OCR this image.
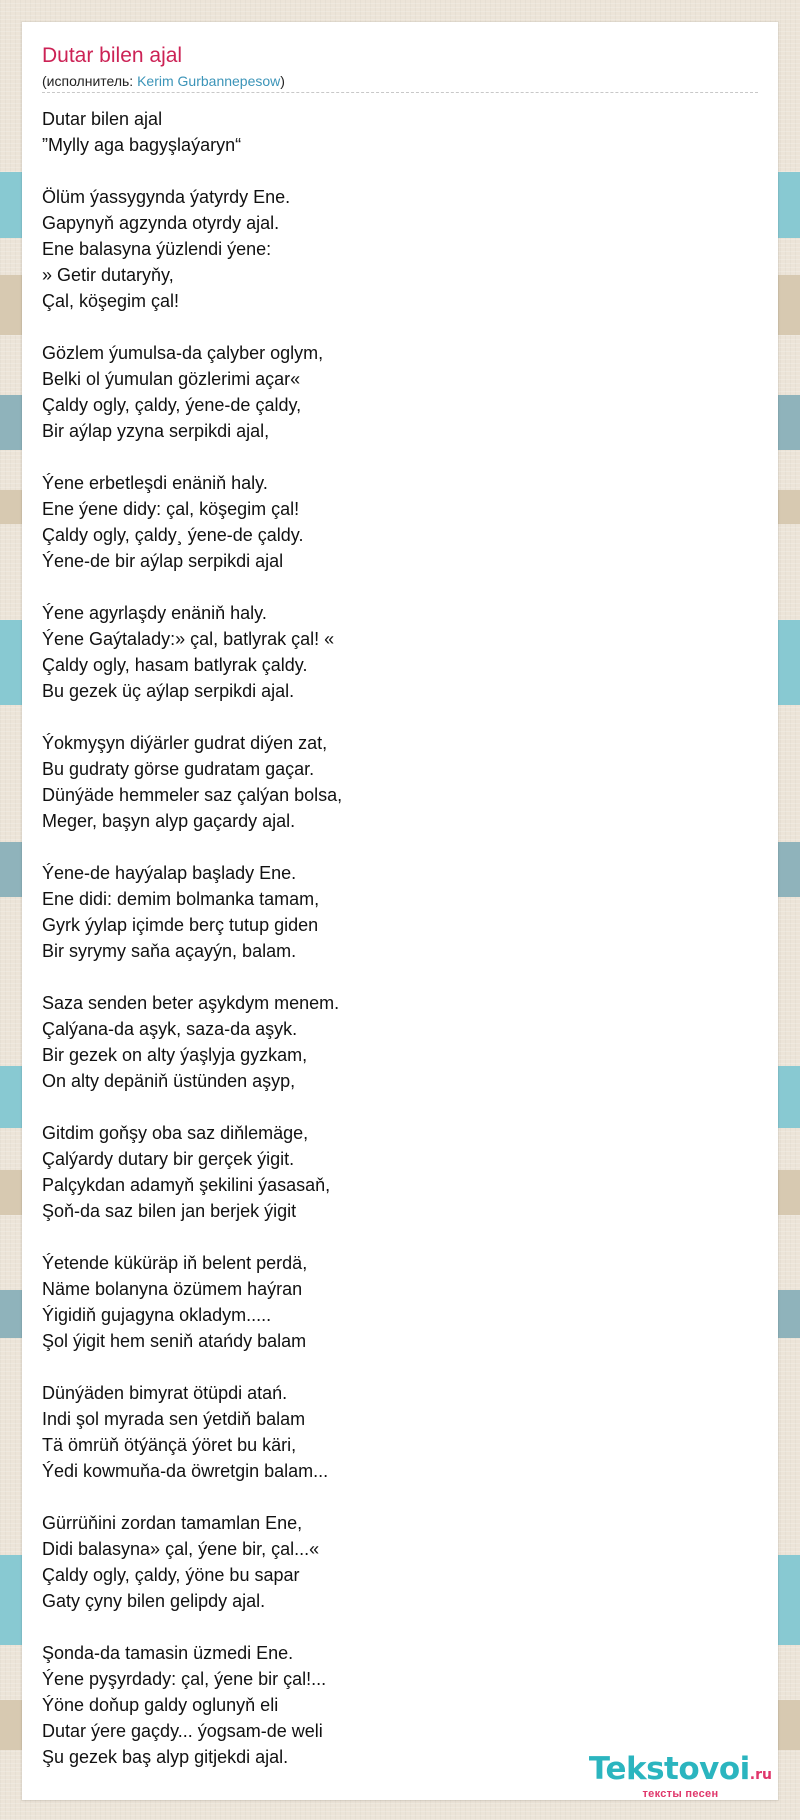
Dutar bilen ajal
(исполнитель: Kerim Gurbannepesow)
Dutar bilen ajal
”Mylly aga bagyşlaýaryn“
Ölüm ýassygynda ýatyrdy Ene.
Gapynyň agzynda otyrdy ajal.
Ene balasyna ýüzlendi ýene:
» Getir dutaryňy,
Çal, köşegim çal!
Gözlem ýumulsa-da çalyber oglym,
Belki ol ýumulan gözlerimi açar«
Çaldy ogly, çaldy, ýene-de çaldy,
Bir aýlap yzyna serpikdi ajal,
Ýene erbetleşdi enäniň haly.
Ene ýene didy: çal, köşegim çal!
Çaldy ogly, çaldy¸ ýene-de çaldy.
Ýene-de bir aýlap serpikdi ajal
Ýene agyrlaşdy enäniň haly.
Ýene Gaýtalady:» çal, batlyrak çal! «
Çaldy ogly, hasam batlyrak çaldy.
Bu gezek üç aýlap serpikdi ajal.
Ýokmyşyn diýärler gudrat diýen zat,
Bu gudraty görse gudratam gaçar.
Dünýäde hemmeler saz çalýan bolsa,
Meger, başyn alyp gaçardy ajal.
Ýene-de hayýalap başlady Ene.
Ene didi: demim bolmanka tamam,
Gyrk ýylap içimde berç tutup giden
Bir syrymy saňa açayýn, balam.
Saza senden beter aşykdym menem.
Çalýana-da aşyk, saza-da aşyk.
Bir gezek on alty ýaşlyja gyzkam,
On alty depäniň üstünden aşyp,
Gitdim goňşy oba saz diňlemäge,
Çalýardy dutary bir gerçek ýigit.
Palçykdan adamyň şekilini ýasasaň,
Şoň-da saz bilen jan berjek ýigit
Ýetende küküräp iň belent perdä,
Näme bolanyna özümem haýran
Ýigidiň gujagyna okladym.....
Şol ýigit hem seniň atańdy balam
Dünýäden bimyrat ötüpdi atań.
Indi şol myrada sen ýetdiň balam
Tä ömrüň ötýänçä ýöret bu käri,
Ýedi kowmuňa-da öwretgin balam...
Gürrüňini zordan tamamlan Ene,
Didi balasyna» çal, ýene bir, çal...«
Çaldy ogly, çaldy, ýöne bu sapar
Gaty çyny bilen gelipdy ajal.
Şonda-da tamasin üzmedi Ene.
Ýene pyşyrdady: çal, ýene bir çal!...
Ýöne doňup galdy oglunyň eli
Dutar ýere gaçdy... ýogsam-de weli
Şu gezek baş alyp gitjekdi ajal.	Tekstovoi.ru
тексты песен
